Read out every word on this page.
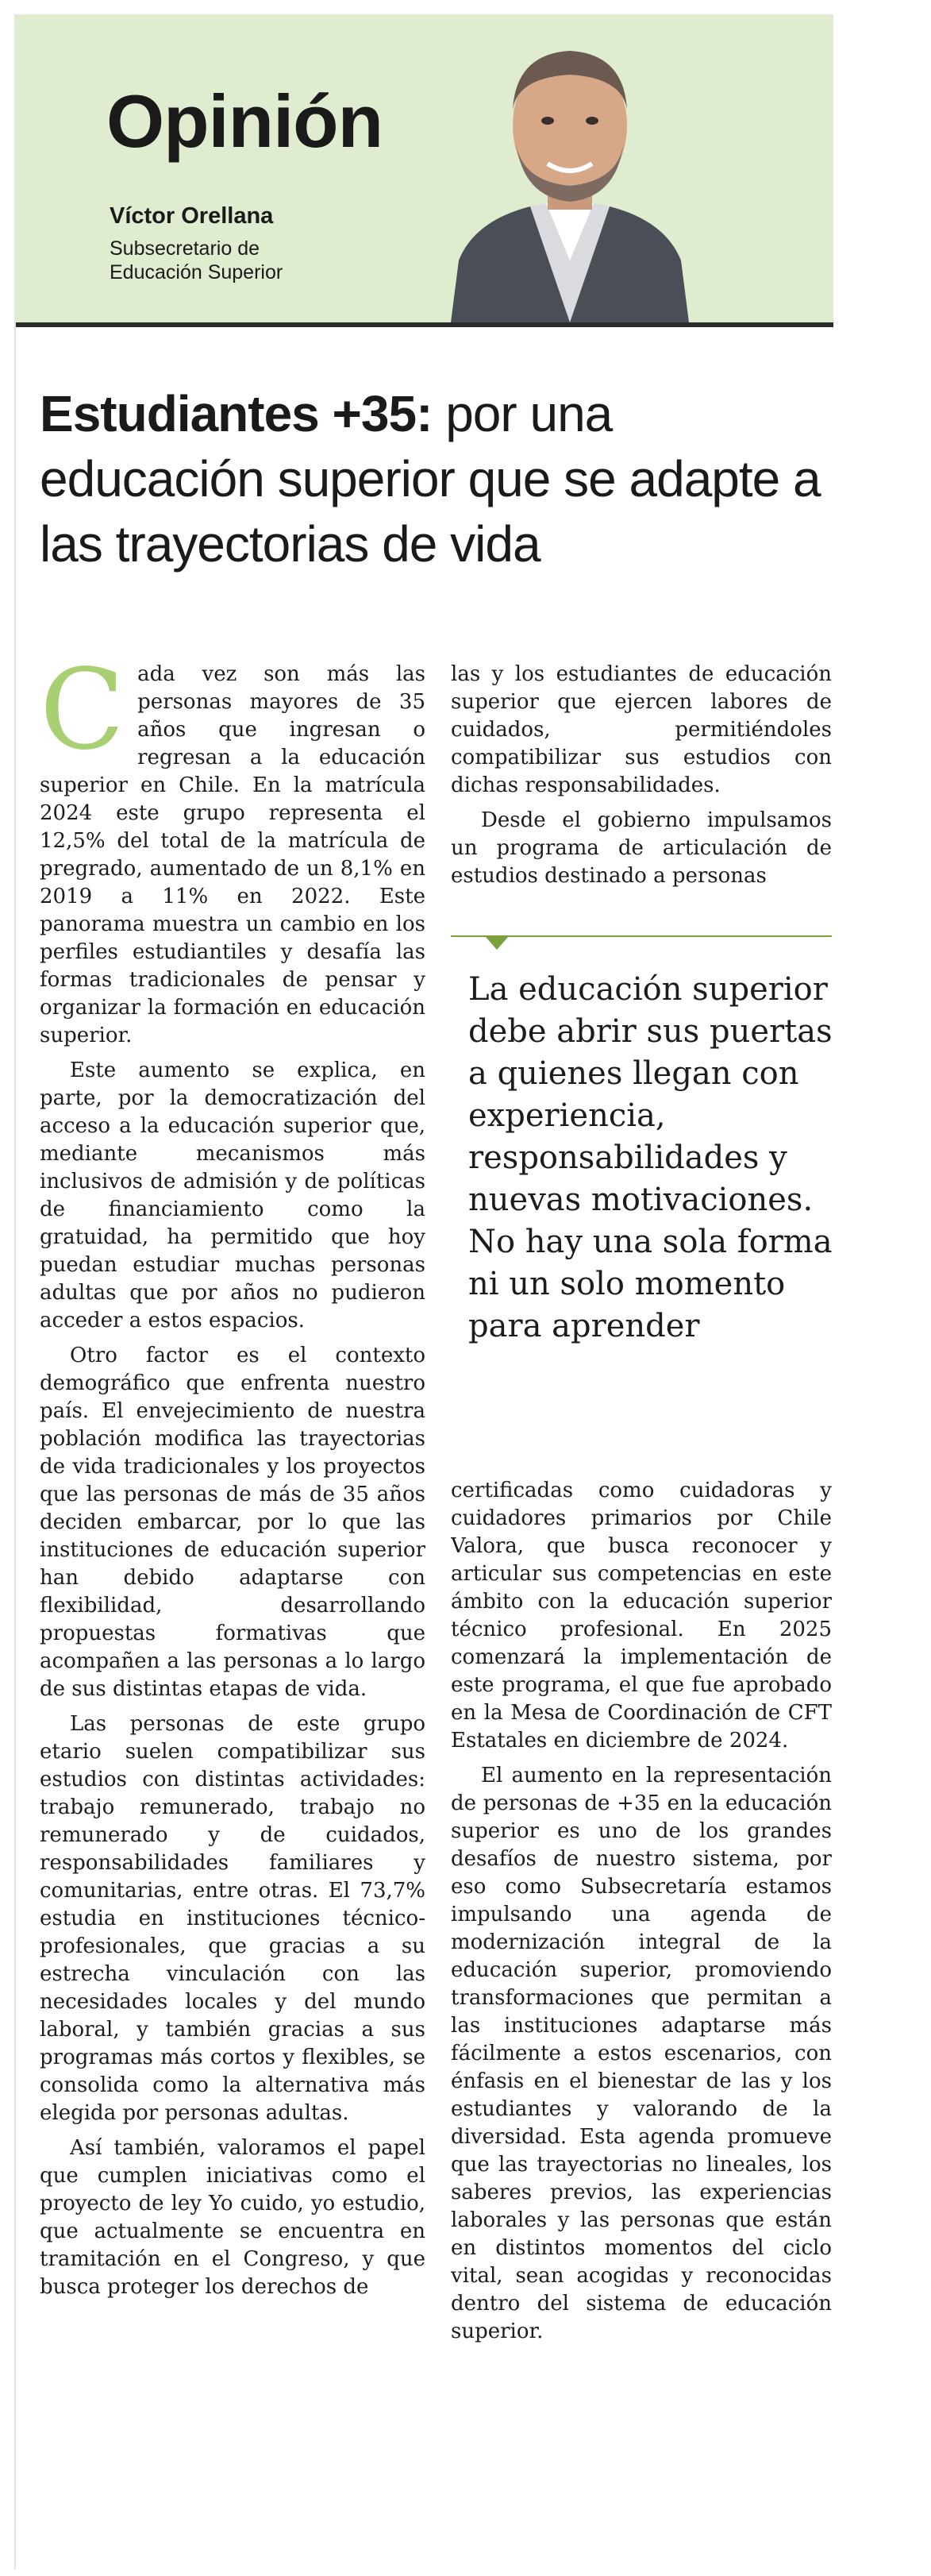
Opinión
Víctor Orellana
Subsecretario de Educación Superior
Estudiantes +35: por una educación superior que se adapte a las trayectorias de vida

Cada vez son más las personas mayores de 35 años que ingresan o regresan a la educación superior en Chile. En la matrícula 2024 este grupo representa el 12,5% del total de la matrícula de pregrado, aumentado de un 8,1% en 2019 a 11% en 2022. Este panorama muestra un cambio en los perfiles estudiantiles y desafía las formas tradicionales de pensar y organizar la formación en educación superior.

Este aumento se explica, en parte, por la democratización del acceso a la educación superior que, mediante mecanismos más inclusivos de admisión y de políticas de financiamiento como la gratuidad, ha permitido que hoy puedan estudiar muchas personas adultas que por años no pudieron acceder a estos espacios.

Otro factor es el contexto demográfico que enfrenta nuestro país. El envejecimiento de nuestra población modifica las trayectorias de vida tradicionales y los proyectos que las personas de más de 35 años deciden embarcar, por lo que las instituciones de educación superior han debido adaptarse con flexibilidad, desarrollando propuestas formativas que acompañen a las personas a lo largo de sus distintas etapas de vida.

Las personas de este grupo etario suelen compatibilizar sus estudios con distintas actividades: trabajo remunerado, trabajo no remunerado y de cuidados, responsabilidades familiares y comunitarias, entre otras. El 73,7% estudia en instituciones técnico-profesionales, que gracias a su estrecha vinculación con las necesidades locales y del mundo laboral, y también gracias a sus programas más cortos y flexibles, se consolida como la alternativa más elegida por personas adultas.

Así también, valoramos el papel que cumplen iniciativas como el proyecto de ley Yo cuido, yo estudio, que actualmente se encuentra en tramitación en el Congreso, y que busca proteger los derechos de

las y los estudiantes de educación superior que ejercen labores de cuidados, permitiéndoles compatibilizar sus estudios con dichas responsabilidades.

Desde el gobierno impulsamos un programa de articulación de estudios destinado a personas

La educación superior debe abrir sus puertas a quienes llegan con experiencia, responsabilidades y nuevas motivaciones. No hay una sola forma ni un solo momento para aprender

certificadas como cuidadoras y cuidadores primarios por Chile Valora, que busca reconocer y articular sus competencias en este ámbito con la educación superior técnico profesional. En 2025 comenzará la implementación de este programa, el que fue aprobado en la Mesa de Coordinación de CFT Estatales en diciembre de 2024.

El aumento en la representación de personas de +35 en la educación superior es uno de los grandes desafíos de nuestro sistema, por eso como Subsecretaría estamos impulsando una agenda de modernización integral de la educación superior, promoviendo transformaciones que permitan a las instituciones adaptarse más fácilmente a estos escenarios, con énfasis en el bienestar de las y los estudiantes y valorando de la diversidad. Esta agenda promueve que las trayectorias no lineales, los saberes previos, las experiencias laborales y las personas que están en distintos momentos del ciclo vital, sean acogidas y reconocidas dentro del sistema de educación superior.
